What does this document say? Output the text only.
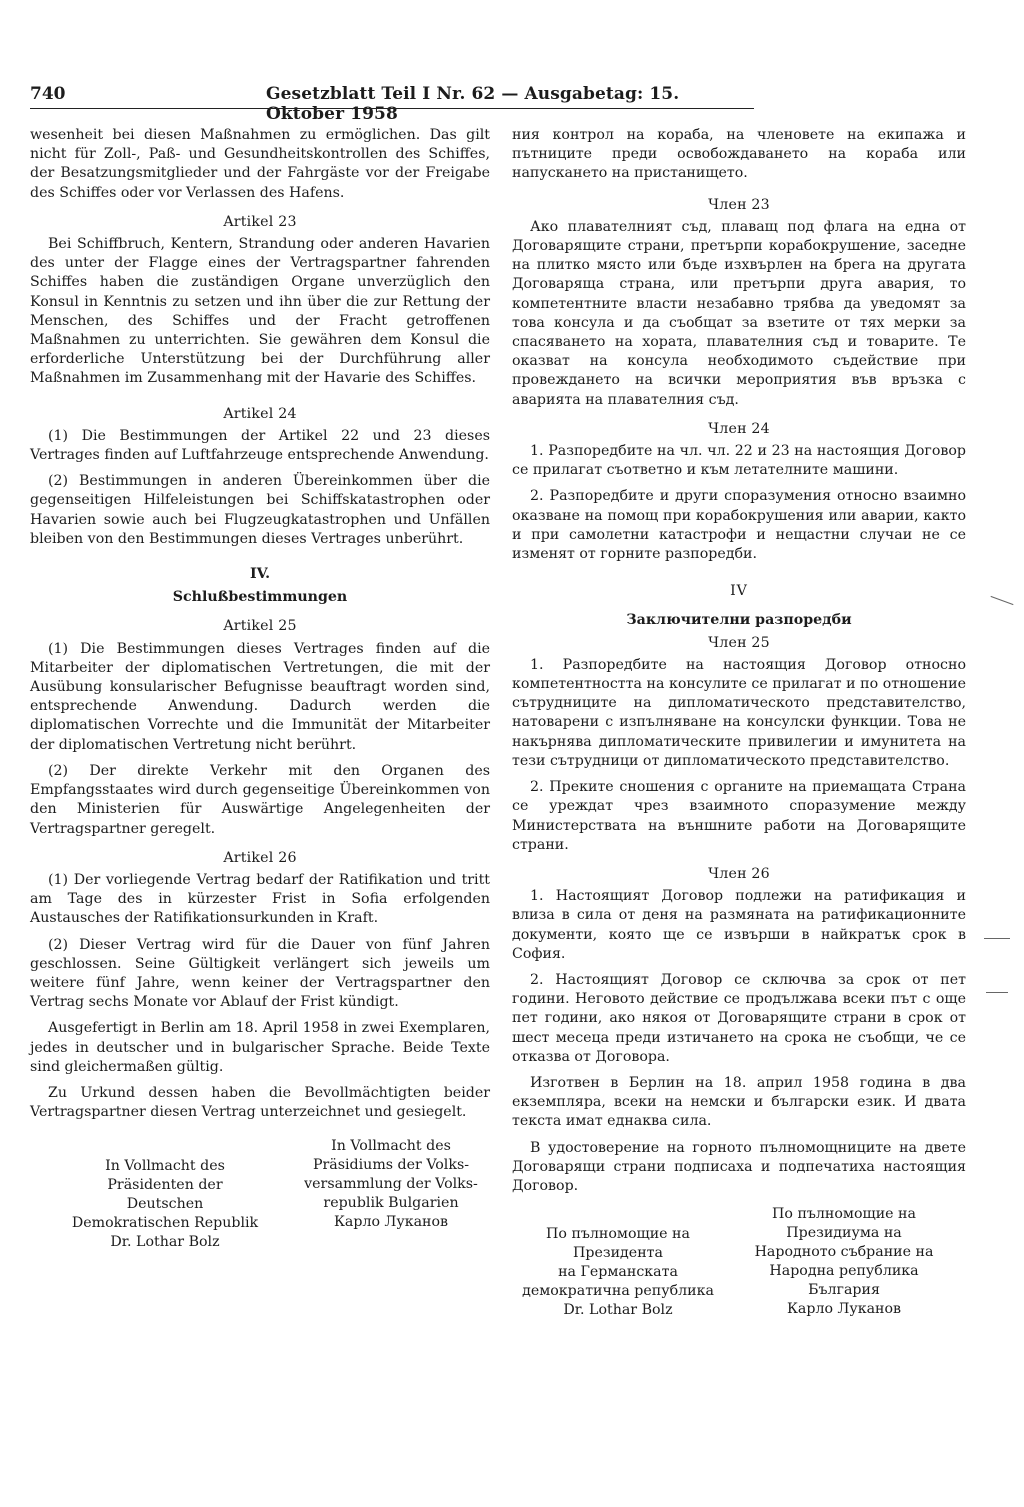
740	Gesetzblatt Teil I Nr. 62 — Ausgabetag: 15. Oktober 1958

wesenheit bei diesen Maßnahmen zu ermöglichen. Das gilt nicht für Zoll-, Paß- und Gesundheitskontrollen des Schiffes, der Besatzungsmitglieder und der Fahrgäste vor der Freigabe des Schiffes oder vor Verlassen des Hafens.

Artikel 23

Bei Schiffbruch, Kentern, Strandung oder anderen Havarien des unter der Flagge eines der Vertragspartner fahrenden Schiffes haben die zuständigen Organe unverzüglich den Konsul in Kenntnis zu setzen und ihn über die zur Rettung der Menschen, des Schiffes und der Fracht getroffenen Maßnahmen zu unterrichten. Sie gewähren dem Konsul die erforderliche Unterstützung bei der Durchführung aller Maßnahmen im Zusammenhang mit der Havarie des Schiffes.

Artikel 24

(1) Die Bestimmungen der Artikel 22 und 23 dieses Vertrages finden auf Luftfahrzeuge entsprechende Anwendung.

(2) Bestimmungen in anderen Übereinkommen über die gegenseitigen Hilfeleistungen bei Schiffskatastrophen oder Havarien sowie auch bei Flugzeugkatastrophen und Unfällen bleiben von den Bestimmungen dieses Vertrages unberührt.

IV.
Schlußbestimmungen
Artikel 25

(1) Die Bestimmungen dieses Vertrages finden auf die Mitarbeiter der diplomatischen Vertretungen, die mit der Ausübung konsularischer Befugnisse beauftragt worden sind, entsprechende Anwendung. Dadurch werden die diplomatischen Vorrechte und die Immunität der Mitarbeiter der diplomatischen Vertretung nicht berührt.

(2) Der direkte Verkehr mit den Organen des Empfangsstaates wird durch gegenseitige Übereinkommen von den Ministerien für Auswärtige Angelegenheiten der Vertragspartner geregelt.

Artikel 26

(1) Der vorliegende Vertrag bedarf der Ratifikation und tritt am Tage des in kürzester Frist in Sofia erfolgenden Austausches der Ratifikationsurkunden in Kraft.

(2) Dieser Vertrag wird für die Dauer von fünf Jahren geschlossen. Seine Gültigkeit verlängert sich jeweils um weitere fünf Jahre, wenn keiner der Vertragspartner den Vertrag sechs Monate vor Ablauf der Frist kündigt.

Ausgefertigt in Berlin am 18. April 1958 in zwei Exemplaren, jedes in deutscher und in bulgarischer Sprache. Beide Texte sind gleichermaßen gültig.

Zu Urkund dessen haben die Bevollmächtigten beider Vertragspartner diesen Vertrag unterzeichnet und gesiegelt.

In Vollmacht des
Präsidenten der Deutschen
Demokratischen Republik
Dr. Lothar Bolz
In Vollmacht des
Präsidiums der Volks-
versammlung der Volks-
republik Bulgarien
Карло Луканов

ния контрол на кораба, на членовете на екипажа и пътниците преди освобождаването на кораба или напускането на пристанището.

Член 23

Ако плавателният съд, плаващ под флага на една от Договарящите страни, претърпи корабокрушение, заседне на плитко място или бъде изхвърлен на брега на другата Договаряща страна, или претърпи друга авария, то компетентните власти незабавно трябва да уведомят за това консула и да съобщат за взетите от тях мерки за спасяването на хората, плавателния съд и товарите. Те оказват на консула необходимото съдействие при провеждането на всички мероприятия във връзка с аварията на плавателния съд.

Член 24

1. Разпоредбите на чл. чл. 22 и 23 на настоящия Договор се прилагат съответно и към летателните машини.

2. Разпоредбите и други споразумения относно взаимно оказване на помощ при корабокрушения или аварии, както и при самолетни катастрофи и нещастни случаи не се изменят от горните разпоредби.

IV
Заключителни разпоредби
Член 25

1. Разпоредбите на настоящия Договор относно компетентността на консулите се прилагат и по отношение сътрудниците на дипломатическото представителство, натоварени с изпълняване на консулски функции. Това не накърнява дипломатическите привилегии и имунитета на тези сътрудници от дипломатическото представителство.

2. Преките сношения с органите на приемащата Страна се уреждат чрез взаимното споразумение между Министерствата на външните работи на Договарящите страни.

Член 26

1. Настоящият Договор подлежи на ратификация и влиза в сила от деня на размяната на ратификационните документи, която ще се извърши в найкратък срок в София.

2. Настоящият Договор се сключва за срок от пет години. Неговото действие се продължава всеки път с още пет години, ако някоя от Договарящите страни в срок от шест месеца преди изтичането на срока не съобщи, че се отказва от Договора.

Изготвен в Берлин на 18. април 1958 година в два екземпляра, всеки на немски и български език. И двата текста имат еднаква сила.

В удостоверение на горното пълномощниците на двете Договарящи страни подписаха и подпечатиха настоящия Договор.

По пълномощие на
Президента
на Германската
демократична република
Dr. Lothar Bolz
По пълномощие на
Президиума на
Народното събрание на
Народна република
България
Карло Луканов
